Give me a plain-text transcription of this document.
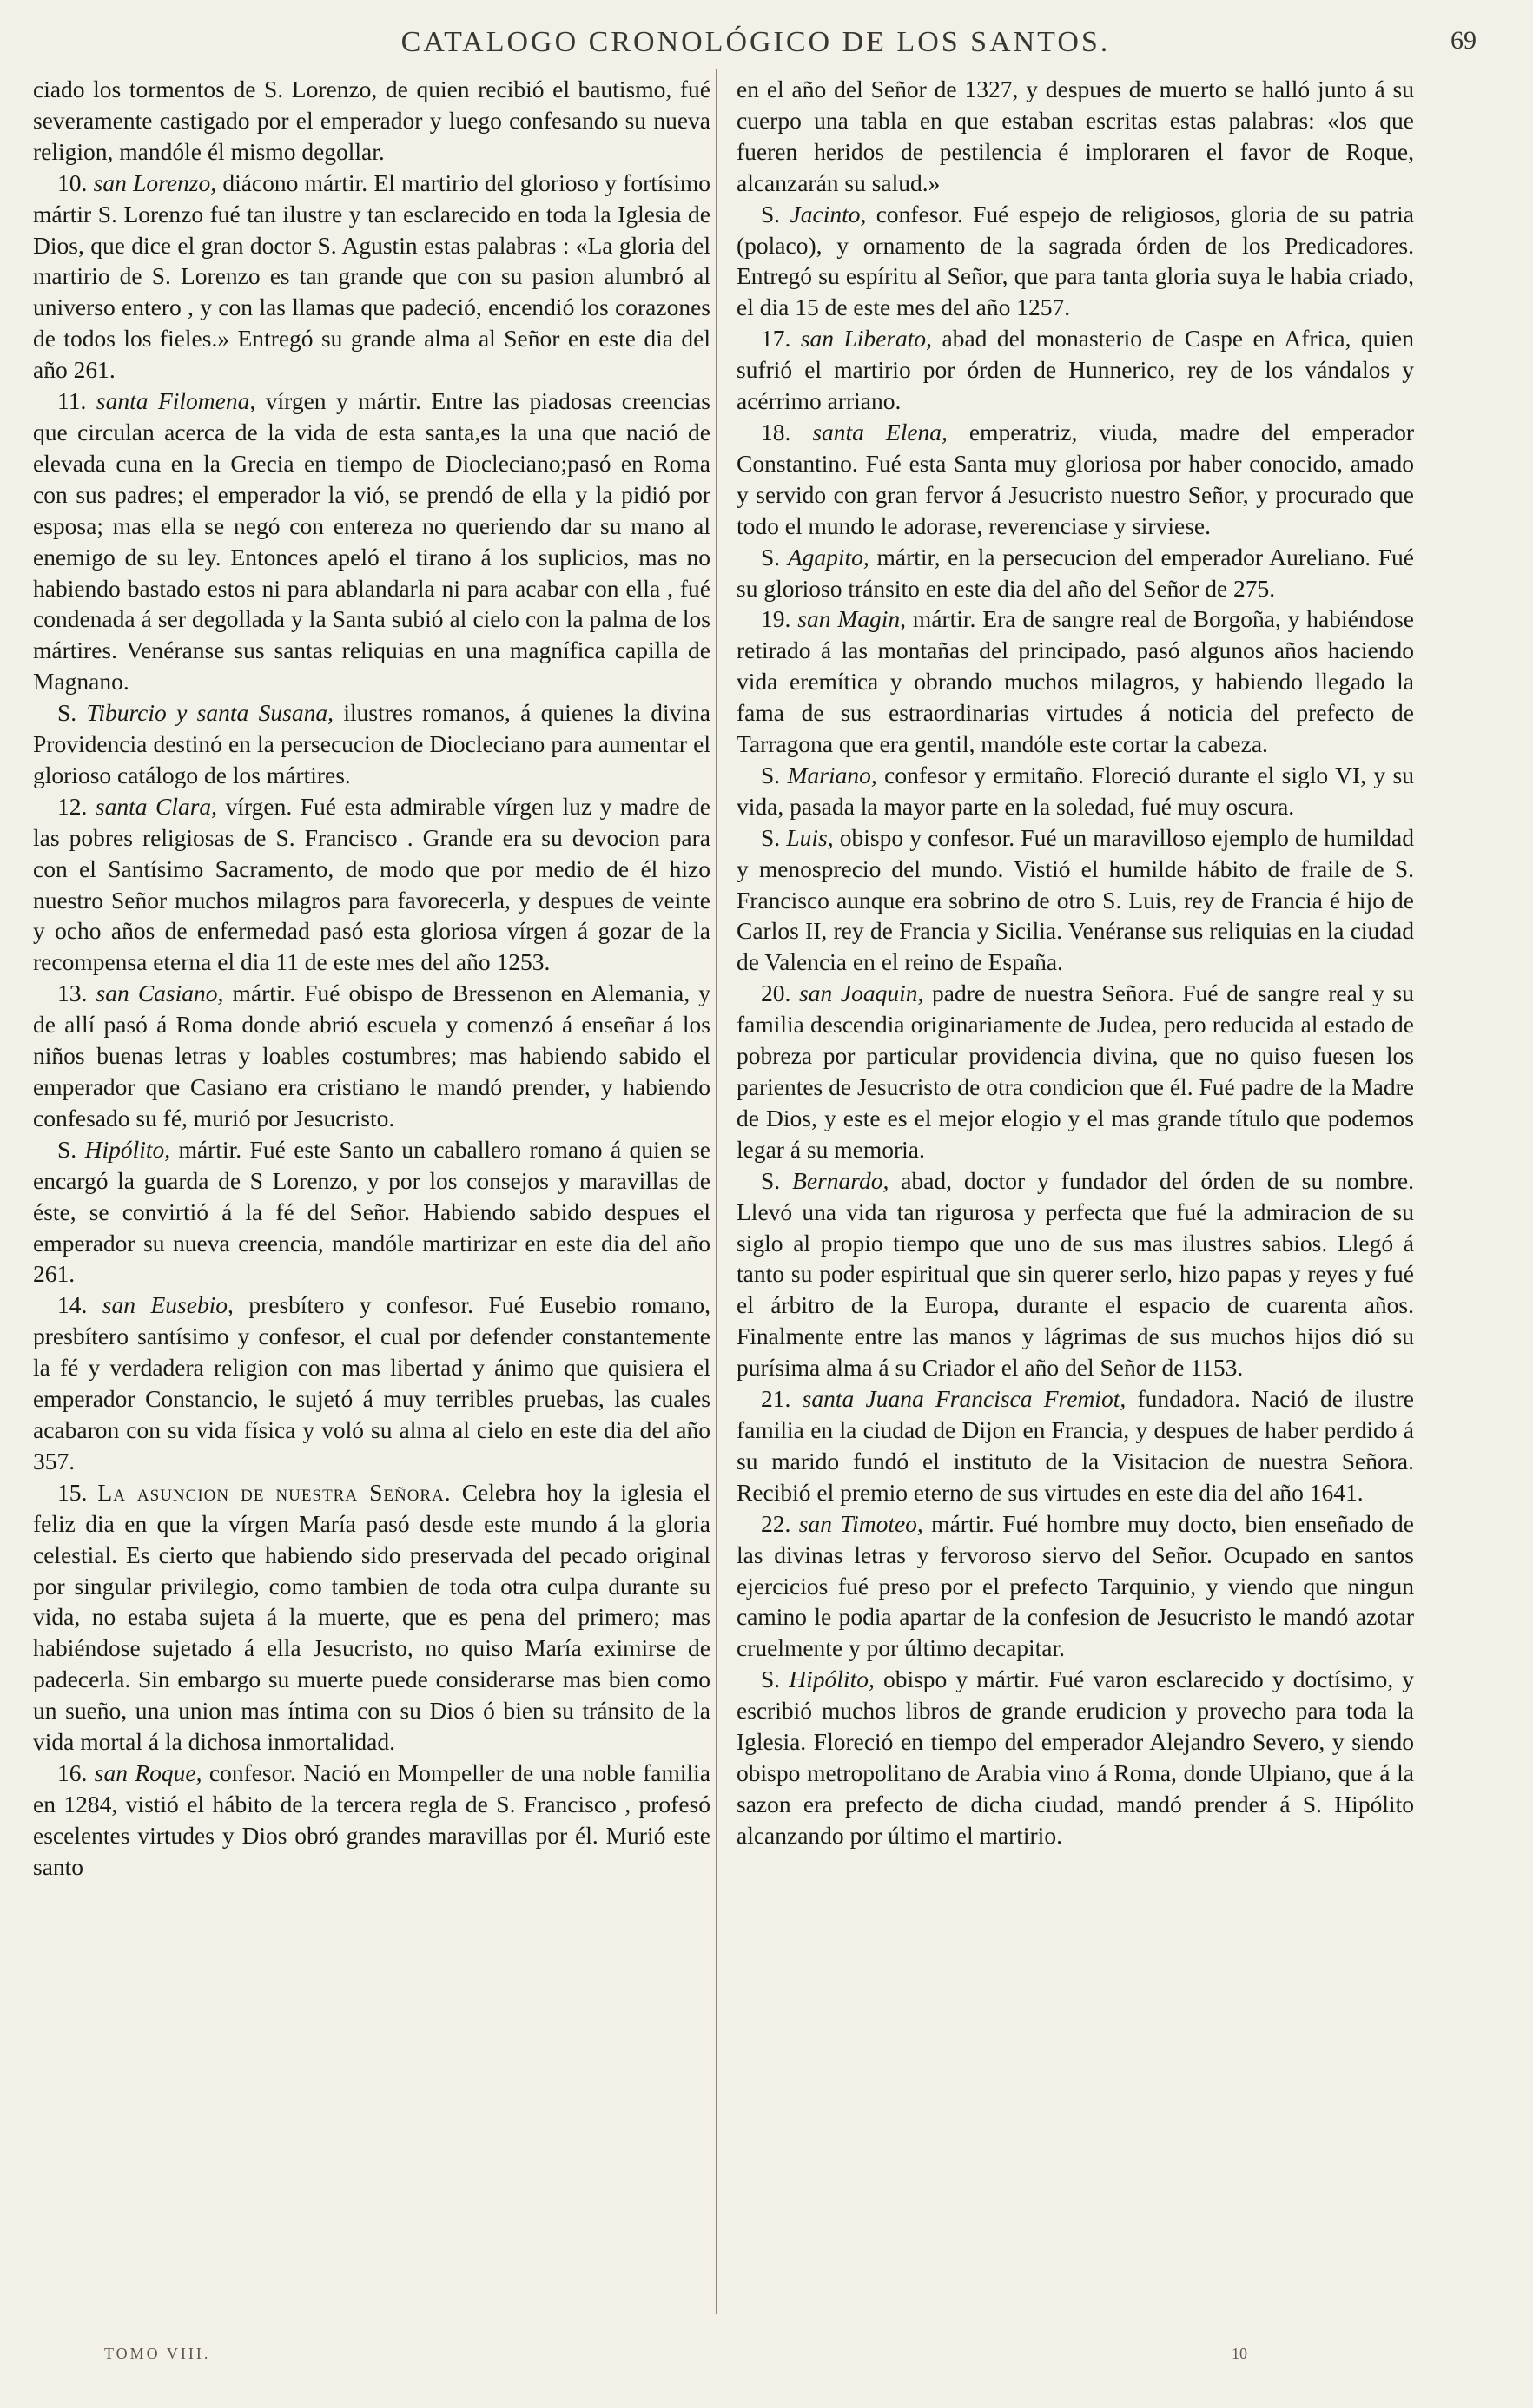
CATALOGO CRONOLÓGICO DE LOS SANTOS.	69

ciado los tormentos de S. Lorenzo, de quien recibió el bautismo, fué severamente castigado por el emperador y luego confesando su nueva religion, mandóle él mismo degollar.

10. san Lorenzo, diácono mártir. El martirio del glorioso y fortísimo mártir S. Lorenzo fué tan ilustre y tan esclarecido en toda la Iglesia de Dios, que dice el gran doctor S. Agustin estas palabras : «La gloria del martirio de S. Lorenzo es tan grande que con su pasion alumbró al universo entero , y con las llamas que padeció, encendió los corazones de todos los fieles.» Entregó su grande alma al Señor en este dia del año 261.

11. santa Filomena, vírgen y mártir. Entre las piadosas creencias que circulan acerca de la vida de esta santa,es la una que nació de elevada cuna en la Grecia en tiempo de Diocleciano;pasó en Roma con sus padres; el emperador la vió, se prendó de ella y la pidió por esposa; mas ella se negó con entereza no queriendo dar su mano al enemigo de su ley. Entonces apeló el tirano á los suplicios, mas no habiendo bastado estos ni para ablandarla ni para acabar con ella , fué condenada á ser degollada y la Santa subió al cielo con la palma de los mártires. Venéranse sus santas reliquias en una magnífica capilla de Magnano.

S. Tiburcio y santa Susana, ilustres romanos, á quienes la divina Providencia destinó en la persecucion de Diocleciano para aumentar el glorioso catálogo de los mártires.

12. santa Clara, vírgen. Fué esta admirable vírgen luz y madre de las pobres religiosas de S. Francisco . Grande era su devocion para con el Santísimo Sacramento, de modo que por medio de él hizo nuestro Señor muchos milagros para favorecerla, y despues de veinte y ocho años de enfermedad pasó esta gloriosa vírgen á gozar de la recompensa eterna el dia 11 de este mes del año 1253.

13. san Casiano, mártir. Fué obispo de Bressenon en Alemania, y de allí pasó á Roma donde abrió escuela y comenzó á enseñar á los niños buenas letras y loables costumbres; mas habiendo sabido el emperador que Casiano era cristiano le mandó prender, y habiendo confesado su fé, murió por Jesucristo.

S. Hipólito, mártir. Fué este Santo un caballero romano á quien se encargó la guarda de S Lorenzo, y por los consejos y maravillas de éste, se convirtió á la fé del Señor. Habiendo sabido despues el emperador su nueva creencia, mandóle martirizar en este dia del año 261.

14. san Eusebio, presbítero y confesor. Fué Eusebio romano, presbítero santísimo y confesor, el cual por defender constantemente la fé y verdadera religion con mas libertad y ánimo que quisiera el emperador Constancio, le sujetó á muy terribles pruebas, las cuales acabaron con su vida física y voló su alma al cielo en este dia del año 357.

15. La asuncion de nuestra Señora. Celebra hoy la iglesia el feliz dia en que la vírgen María pasó desde este mundo á la gloria celestial. Es cierto que habiendo sido preservada del pecado original por singular privilegio, como tambien de toda otra culpa durante su vida, no estaba sujeta á la muerte, que es pena del primero; mas habiéndose sujetado á ella Jesucristo, no quiso María eximirse de padecerla. Sin embargo su muerte puede considerarse mas bien como un sueño, una union mas íntima con su Dios ó bien su tránsito de la vida mortal á la dichosa inmortalidad.

16. san Roque, confesor. Nació en Mompeller de una noble familia en 1284, vistió el hábito de la tercera regla de S. Francisco , profesó escelentes virtudes y Dios obró grandes maravillas por él. Murió este santo

en el año del Señor de 1327, y despues de muerto se halló junto á su cuerpo una tabla en que estaban escritas estas palabras: «los que fueren heridos de pestilencia é imploraren el favor de Roque, alcanzarán su salud.»

S. Jacinto, confesor. Fué espejo de religiosos, gloria de su patria (polaco), y ornamento de la sagrada órden de los Predicadores. Entregó su espíritu al Señor, que para tanta gloria suya le habia criado, el dia 15 de este mes del año 1257.

17. san Liberato, abad del monasterio de Caspe en Africa, quien sufrió el martirio por órden de Hunnerico, rey de los vándalos y acérrimo arriano.

18. santa Elena, emperatriz, viuda, madre del emperador Constantino. Fué esta Santa muy gloriosa por haber conocido, amado y servido con gran fervor á Jesucristo nuestro Señor, y procurado que todo el mundo le adorase, reverenciase y sirviese.

S. Agapito, mártir, en la persecucion del emperador Aureliano. Fué su glorioso tránsito en este dia del año del Señor de 275.

19. san Magin, mártir. Era de sangre real de Borgoña, y habiéndose retirado á las montañas del principado, pasó algunos años haciendo vida eremítica y obrando muchos milagros, y habiendo llegado la fama de sus estraordinarias virtudes á noticia del prefecto de Tarragona que era gentil, mandóle este cortar la cabeza.

S. Mariano, confesor y ermitaño. Floreció durante el siglo VI, y su vida, pasada la mayor parte en la soledad, fué muy oscura.

S. Luis, obispo y confesor. Fué un maravilloso ejemplo de humildad y menosprecio del mundo. Vistió el humilde hábito de fraile de S. Francisco aunque era sobrino de otro S. Luis, rey de Francia é hijo de Carlos II, rey de Francia y Sicilia. Venéranse sus reliquias en la ciudad de Valencia en el reino de España.

20. san Joaquin, padre de nuestra Señora. Fué de sangre real y su familia descendia originariamente de Judea, pero reducida al estado de pobreza por particular providencia divina, que no quiso fuesen los parientes de Jesucristo de otra condicion que él. Fué padre de la Madre de Dios, y este es el mejor elogio y el mas grande título que podemos legar á su memoria.

S. Bernardo, abad, doctor y fundador del órden de su nombre. Llevó una vida tan rigurosa y perfecta que fué la admiracion de su siglo al propio tiempo que uno de sus mas ilustres sabios. Llegó á tanto su poder espiritual que sin querer serlo, hizo papas y reyes y fué el árbitro de la Europa, durante el espacio de cuarenta años. Finalmente entre las manos y lágrimas de sus muchos hijos dió su purísima alma á su Criador el año del Señor de 1153.

21. santa Juana Francisca Fremiot, fundadora. Nació de ilustre familia en la ciudad de Dijon en Francia, y despues de haber perdido á su marido fundó el instituto de la Visitacion de nuestra Señora. Recibió el premio eterno de sus virtudes en este dia del año 1641.

22. san Timoteo, mártir. Fué hombre muy docto, bien enseñado de las divinas letras y fervoroso siervo del Señor. Ocupado en santos ejercicios fué preso por el prefecto Tarquinio, y viendo que ningun camino le podia apartar de la confesion de Jesucristo le mandó azotar cruelmente y por último decapitar.

S. Hipólito, obispo y mártir. Fué varon esclarecido y doctísimo, y escribió muchos libros de grande erudicion y provecho para toda la Iglesia. Floreció en tiempo del emperador Alejandro Severo, y siendo obispo metropolitano de Arabia vino á Roma, donde Ulpiano, que á la sazon era prefecto de dicha ciudad, mandó prender á S. Hipólito alcanzando por último el martirio.

TOMO VIII.	10
